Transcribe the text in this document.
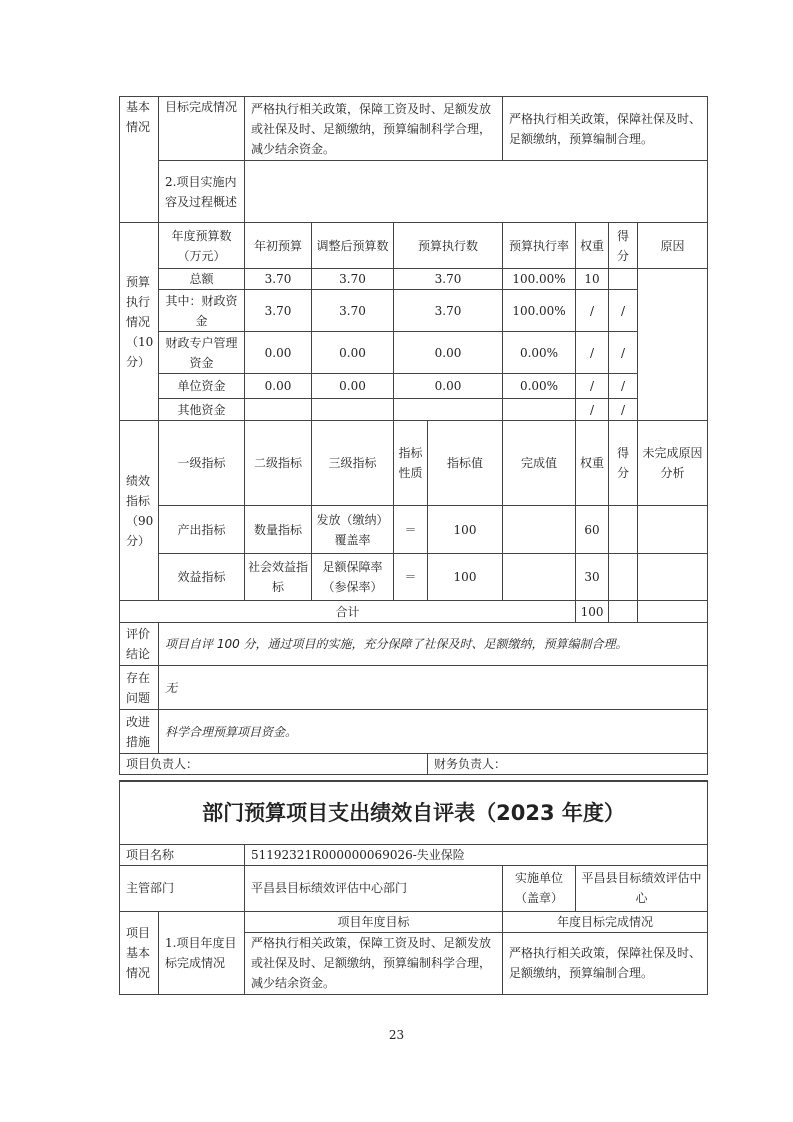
基本情况	目标完成情况	严格执行相关政策，保障工资及时、足额发放或社保及时、足额缴纳，预算编制科学合理，减少结余资金。				严格执行相关政策，保障社保及时、足额缴纳，预算编制合理。			
	2.项目实施内容及过程概述								
预算执行情况（10分）	年度预算数（万元）	年初预算	调整后预算数	预算执行数		预算执行率	权重	得分	原因
	总额	3.70	3.70	3.70		100.00%	10		
	其中：财政资金	3.70	3.70	3.70		100.00%	/	/	
	财政专户管理资金	0.00	0.00	0.00		0.00%	/	/	
	单位资金	0.00	0.00	0.00		0.00%	/	/	
	其他资金						/	/	
绩效指标（90分）	一级指标	二级指标	三级指标	指标性质	指标值	完成值	权重	得分	未完成原因分析
	产出指标	数量指标	发放（缴纳）覆盖率	＝	100		60		
	效益指标	社会效益指标	足额保障率（参保率）	＝	100		30		
合计							100		
评价结论	项目自评 100 分，通过项目的实施，充分保障了社保及时、足额缴纳，预算编制合理。								
存在问题	无								
改进措施	科学合理预算项目资金。								
项目负责人：					财务负责人：				
部门预算项目支出绩效自评表（2023 年度）				
项目名称		51192321R000000069026-失业保险		
主管部门		平昌县目标绩效评估中心部门	实施单位（盖章）	平昌县目标绩效评估中心
项目基本情况	1.项目年度目标完成情况	项目年度目标	年度目标完成情况	
		严格执行相关政策，保障工资及时、足额发放或社保及时、足额缴纳，预算编制科学合理，减少结余资金。	严格执行相关政策，保障社保及时、足额缴纳，预算编制合理。	
23
